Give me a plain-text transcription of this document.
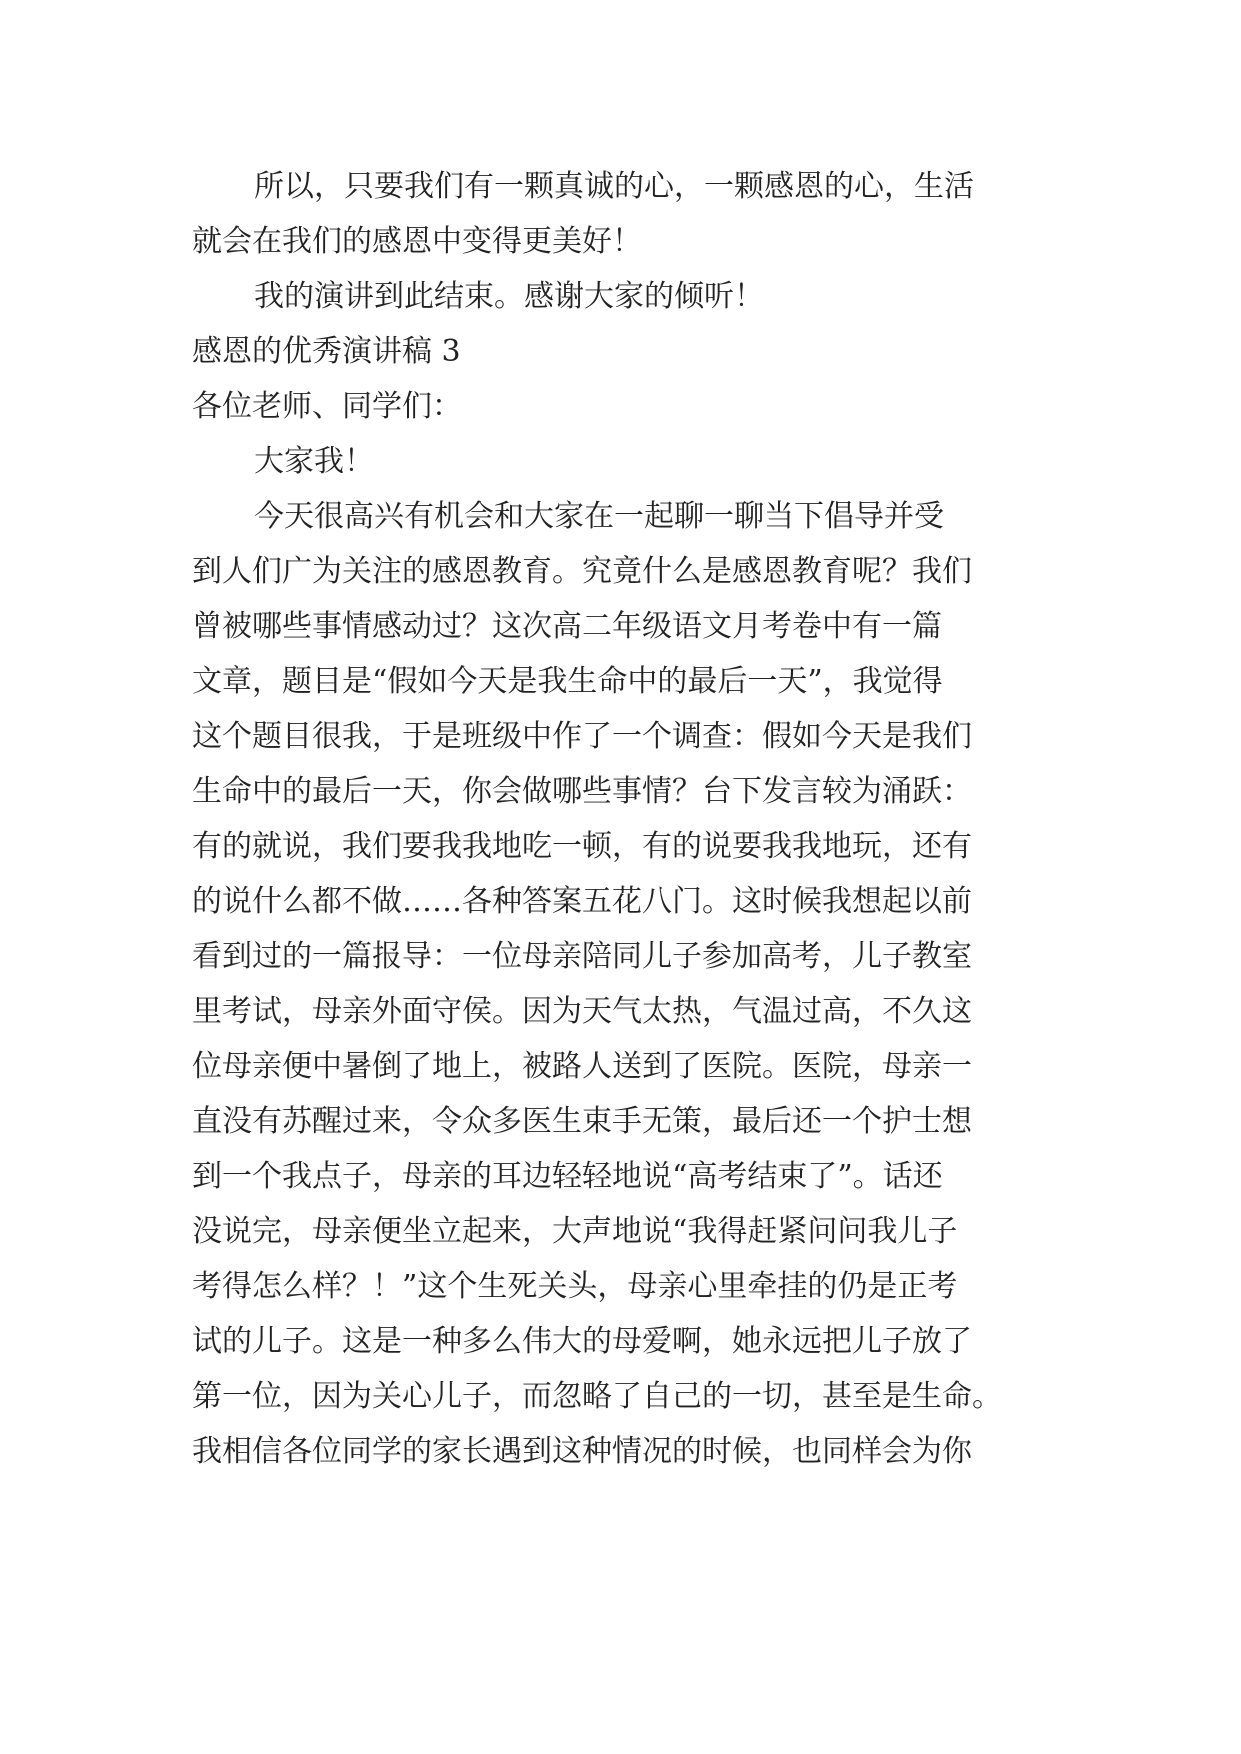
所以，只要我们有一颗真诚的心，一颗感恩的心，生活
就会在我们的感恩中变得更美好！
我的演讲到此结束。感谢大家的倾听！
感恩的优秀演讲稿 3
各位老师、同学们：
大家我！
今天很高兴有机会和大家在一起聊一聊当下倡导并受
到人们广为关注的感恩教育。究竟什么是感恩教育呢？我们
曾被哪些事情感动过？这次高二年级语文月考卷中有一篇
文章，题目是“假如今天是我生命中的最后一天”，我觉得
这个题目很我，于是班级中作了一个调查：假如今天是我们
生命中的最后一天，你会做哪些事情？台下发言较为涌跃：
有的就说，我们要我我地吃一顿，有的说要我我地玩，还有
的说什么都不做……各种答案五花八门。这时候我想起以前
看到过的一篇报导：一位母亲陪同儿子参加高考，儿子教室
里考试，母亲外面守侯。因为天气太热，气温过高，不久这
位母亲便中暑倒了地上，被路人送到了医院。医院，母亲一
直没有苏醒过来，令众多医生束手无策，最后还一个护士想
到一个我点子，母亲的耳边轻轻地说“高考结束了”。话还
没说完，母亲便坐立起来，大声地说“我得赶紧问问我儿子
考得怎么样？！”这个生死关头，母亲心里牵挂的仍是正考
试的儿子。这是一种多么伟大的母爱啊，她永远把儿子放了
第一位，因为关心儿子，而忽略了自己的一切，甚至是生命。
我相信各位同学的家长遇到这种情况的时候，也同样会为你
